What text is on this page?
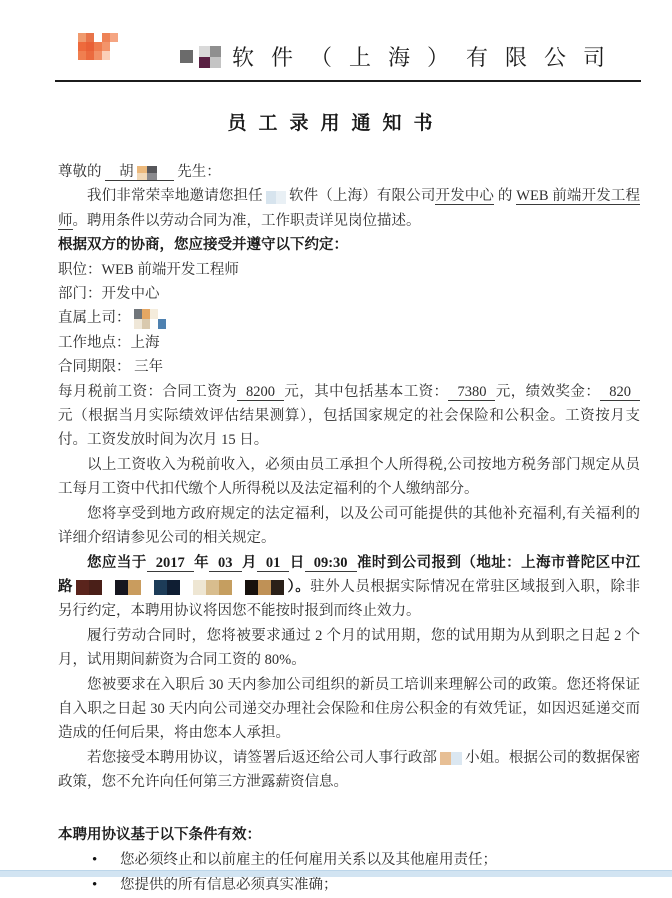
软件（上海）有限公司
员工录用通知书

尊敬的 胡	先生：

我们非常荣幸地邀请您担任 软件（上海）有限公司开发中心 的 WEB 前端开发工程师。聘用条件以劳动合同为准，工作职责详见岗位描述。

根据双方的协商，您应接受并遵守以下约定：

职位：WEB 前端开发工程师

部门：开发中心

直属上司：

工作地点：上海

合同期限： 三年

每月税前工资：合同工资为 8200 元，其中包括基本工资： 7380 元，绩效奖金： 820元（根据当月实际绩效评估结果测算），包括国家规定的社会保险和公积金。工资按月支付。工资发放时间为次月 15 日。

以上工资收入为税前收入，必须由员工承担个人所得税,公司按地方税务部门规定从员工每月工资中代扣代缴个人所得税以及法定福利的个人缴纳部分。

您将享受到地方政府规定的法定福利，以及公司可能提供的其他补充福利,有关福利的详细介绍请参见公司的相关规定。

您应当于 2017 年 03 月 01 日 09:30 准时到公司报到（地址：上海市普陀区中江路	）。驻外人员根据实际情况在常驻区域报到入职，除非另行约定，本聘用协议将因您不能按时报到而终止效力。

履行劳动合同时，您将被要求通过 2 个月的试用期，您的试用期为从到职之日起 2 个月，试用期间薪资为合同工资的 80%。

您被要求在入职后 30 天内参加公司组织的新员工培训来理解公司的政策。您还将保证自入职之日起 30 天内向公司递交办理社会保险和住房公积金的有效凭证，如因迟延递交而造成的任何后果，将由您本人承担。

若您接受本聘用协议，请签署后返还给公司人事行政部 小姐。根据公司的数据保密政策，您不允许向任何第三方泄露薪资信息。

本聘用协议基于以下条件有效：

•
您必须终止和以前雇主的任何雇用关系以及其他雇用责任；
•
您提供的所有信息必须真实准确；
